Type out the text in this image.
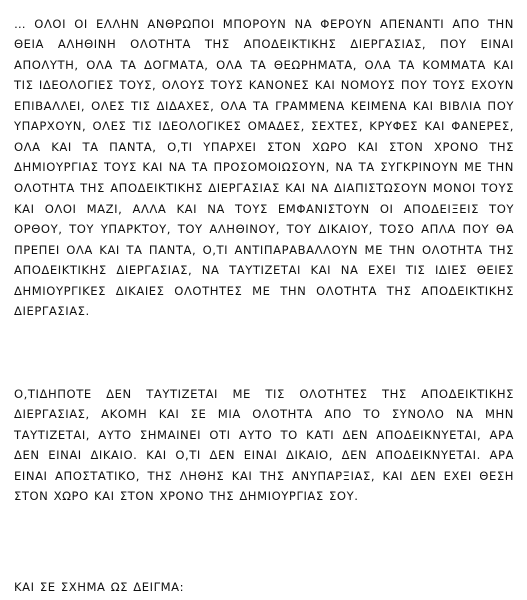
… ΟΛΟΙ ΟΙ ΕΛΛΗΝ ΑΝΘΡΩΠΟΙ ΜΠΟΡΟΥΝ ΝΑ ΦΕΡΟΥΝ ΑΠΕΝΑΝΤΙ ΑΠΟ ΤΗΝ ΘΕΙΑ ΑΛΗΘΙΝΗ ΟΛΟΤΗΤΑ ΤΗΣ ΑΠΟΔΕΙΚΤΙΚΗΣ ΔΙΕΡΓΑΣΙΑΣ, ΠΟΥ ΕΙΝΑΙ ΑΠΟΛΥΤΗ, ΟΛΑ ΤΑ ΔΟΓΜΑΤΑ, ΟΛΑ ΤΑ ΘΕΩΡΗΜΑΤΑ, ΟΛΑ ΤΑ ΚΟΜΜΑΤΑ ΚΑΙ ΤΙΣ ΙΔΕΟΛΟΓΙΕΣ ΤΟΥΣ, ΟΛΟΥΣ ΤΟΥΣ ΚΑΝΟΝΕΣ ΚΑΙ ΝΟΜΟΥΣ ΠΟΥ ΤΟΥΣ ΕΧΟΥΝ ΕΠΙΒΑΛΛΕΙ, ΟΛΕΣ ΤΙΣ ΔΙΔΑΧΕΣ, ΟΛΑ ΤΑ ΓΡΑΜΜΕΝΑ ΚΕΙΜΕΝΑ ΚΑΙ ΒΙΒΛΙΑ ΠΟΥ ΥΠΑΡΧΟΥΝ, ΟΛΕΣ ΤΙΣ ΙΔΕΟΛΟΓΙΚΕΣ ΟΜΑΔΕΣ, ΣΕΧΤΕΣ, ΚΡΥΦΕΣ ΚΑΙ ΦΑΝΕΡΕΣ, ΟΛΑ ΚΑΙ ΤΑ ΠΑΝΤΑ, Ο,ΤΙ ΥΠΑΡΧΕΙ ΣΤΟΝ ΧΩΡΟ ΚΑΙ ΣΤΟΝ ΧΡΟΝΟ ΤΗΣ ΔΗΜΙΟΥΡΓΙΑΣ ΤΟΥΣ ΚΑΙ ΝΑ ΤΑ ΠΡΟΣΟΜΟΙΩΣΟΥΝ, ΝΑ ΤΑ ΣΥΓΚΡΙΝΟΥΝ ΜΕ ΤΗΝ ΟΛΟΤΗΤΑ ΤΗΣ ΑΠΟΔΕΙΚΤΙΚΗΣ ΔΙΕΡΓΑΣΙΑΣ ΚΑΙ ΝΑ ΔΙΑΠΙΣΤΩΣΟΥΝ ΜΟΝΟΙ ΤΟΥΣ ΚΑΙ ΟΛΟΙ ΜΑΖΙ, ΑΛΛΑ ΚΑΙ ΝΑ ΤΟΥΣ ΕΜΦΑΝΙΣΤΟΥΝ ΟΙ ΑΠΟΔΕΙΞΕΙΣ ΤΟΥ ΟΡΘΟΥ, ΤΟΥ ΥΠΑΡΚΤΟΥ, ΤΟΥ ΑΛΗΘΙΝΟΥ, ΤΟΥ ΔΙΚΑΙΟΥ, ΤΟΣΟ ΑΠΛΑ ΠΟΥ ΘΑ ΠΡΕΠΕΙ ΟΛΑ ΚΑΙ ΤΑ ΠΑΝΤΑ, Ο,ΤΙ ΑΝΤΙΠΑΡΑΒΑΛΛΟΥΝ ΜΕ ΤΗΝ ΟΛΟΤΗΤΑ ΤΗΣ ΑΠΟΔΕΙΚΤΙΚΗΣ ΔΙΕΡΓΑΣΙΑΣ, ΝΑ ΤΑΥΤΙΖΕΤΑΙ ΚΑΙ ΝΑ ΕΧΕΙ ΤΙΣ ΙΔΙΕΣ ΘΕΙΕΣ ΔΗΜΙΟΥΡΓΙΚΕΣ ΔΙΚΑΙΕΣ ΟΛΟΤΗΤΕΣ ΜΕ ΤΗΝ ΟΛΟΤΗΤΑ ΤΗΣ ΑΠΟΔΕΙΚΤΙΚΗΣ ΔΙΕΡΓΑΣΙΑΣ.

Ο,ΤΙΔΗΠΟΤΕ ΔΕΝ ΤΑΥΤΙΖΕΤΑΙ ΜΕ ΤΙΣ ΟΛΟΤΗΤΕΣ ΤΗΣ ΑΠΟΔΕΙΚΤΙΚΗΣ ΔΙΕΡΓΑΣΙΑΣ, ΑΚΟΜΗ ΚΑΙ ΣΕ ΜΙΑ ΟΛΟΤΗΤΑ ΑΠΟ ΤΟ ΣΥΝΟΛΟ ΝΑ ΜΗΝ ΤΑΥΤΙΖΕΤΑΙ, ΑΥΤΟ ΣΗΜΑΙΝΕΙ ΟΤΙ ΑΥΤΟ ΤΟ ΚΑΤΙ ΔΕΝ ΑΠΟΔΕΙΚΝΥΕΤΑΙ, ΑΡΑ ΔΕΝ ΕΙΝΑΙ ΔΙΚΑΙΟ. ΚΑΙ Ο,ΤΙ ΔΕΝ ΕΙΝΑΙ ΔΙΚΑΙΟ, ΔΕΝ ΑΠΟΔΕΙΚΝΥΕΤΑΙ. ΑΡΑ ΕΙΝΑΙ ΑΠΟΣΤΑΤΙΚΟ, ΤΗΣ ΛΗΘΗΣ ΚΑΙ ΤΗΣ ΑΝΥΠΑΡΞΙΑΣ, ΚΑΙ ΔΕΝ ΕΧΕΙ ΘΕΣΗ ΣΤΟΝ ΧΩΡΟ ΚΑΙ ΣΤΟΝ ΧΡΟΝΟ ΤΗΣ ΔΗΜΙΟΥΡΓΙΑΣ ΣΟΥ.

ΚΑΙ ΣΕ ΣΧΗΜΑ ΩΣ ΔΕΙΓΜΑ:
